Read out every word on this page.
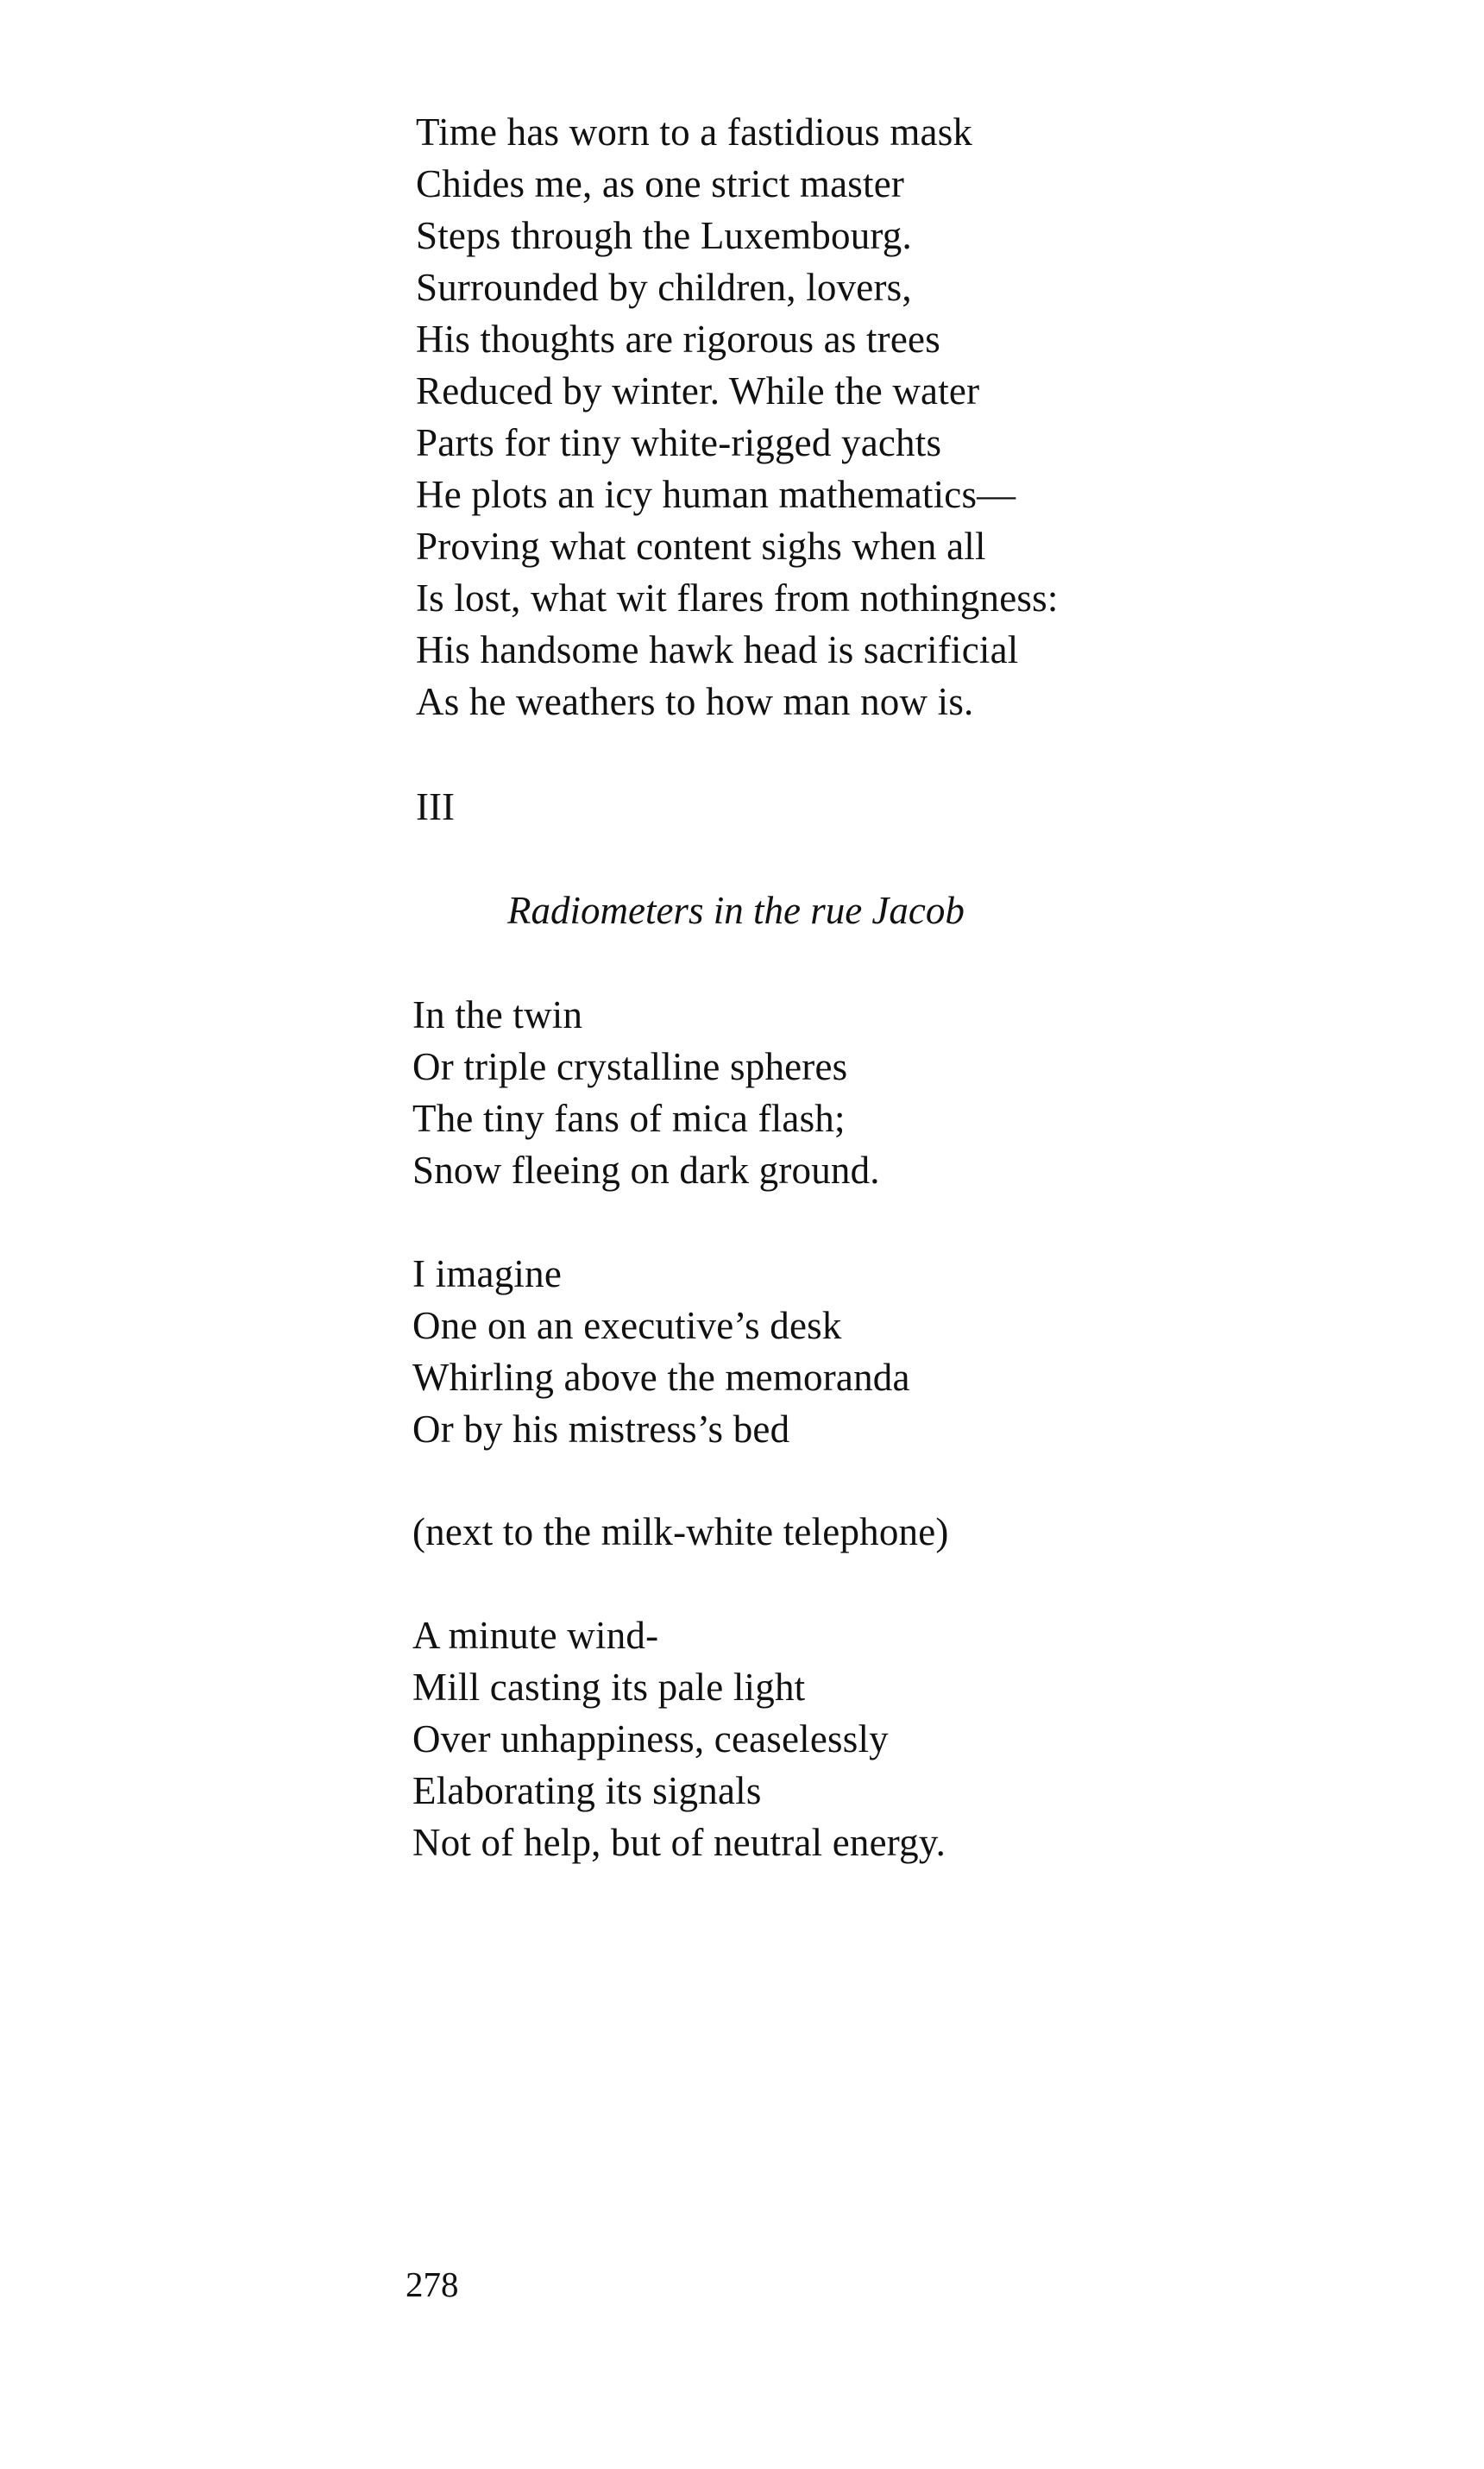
Time has worn to a fastidious mask
Chides me, as one strict master
Steps through the Luxembourg.
Surrounded by children, lovers,
His thoughts are rigorous as trees
Reduced by winter. While the water
Parts for tiny white-rigged yachts
He plots an icy human mathematics—
Proving what content sighs when all
Is lost, what wit flares from nothingness:
His handsome hawk head is sacrificial
As he weathers to how man now is.
III
Radiometers in the rue Jacob
In the twin
Or triple crystalline spheres
The tiny fans of mica flash;
Snow fleeing on dark ground.
I imagine
One on an executive’s desk
Whirling above the memoranda
Or by his mistress’s bed
(next to the milk-white telephone)
A minute wind-
Mill casting its pale light
Over unhappiness, ceaselessly
Elaborating its signals
Not of help, but of neutral energy.

278
